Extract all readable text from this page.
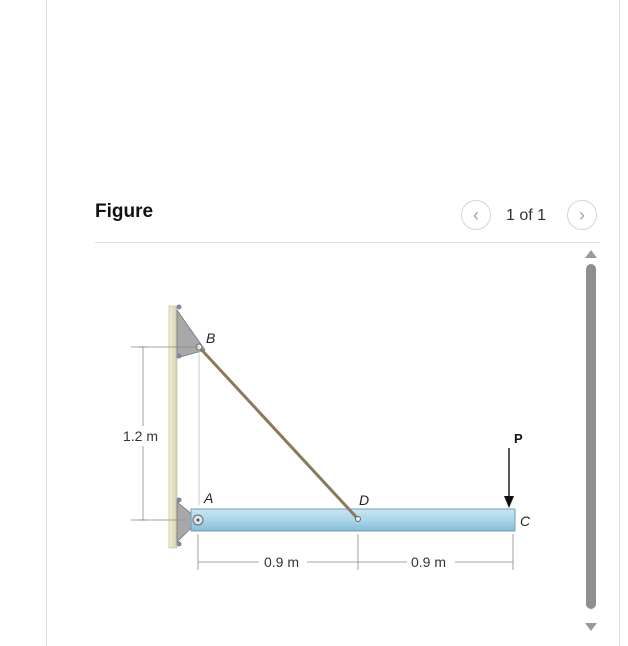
Figure	‹ 1 of 1 ›
B
A	D
C
P
1.2 m
0.9 m	0.9 m
